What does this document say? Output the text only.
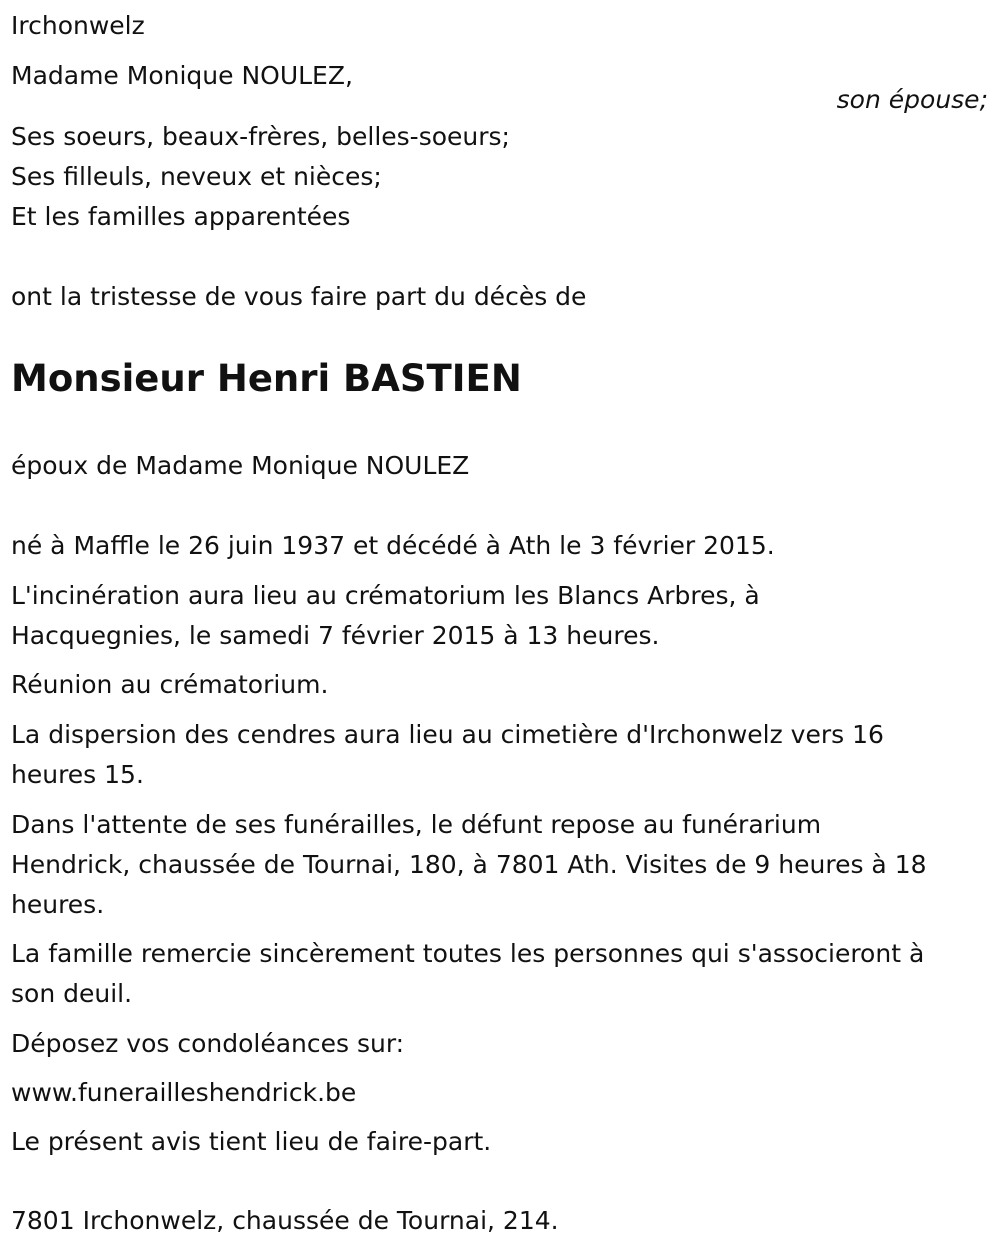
Irchonwelz
Madame Monique NOULEZ,
son épouse;
Ses soeurs, beaux-frères, belles-soeurs;
Ses filleuls, neveux et nièces;
Et les familles apparentées
ont la tristesse de vous faire part du décès de
Monsieur Henri BASTIEN
époux de Madame Monique NOULEZ
né à Maffle le 26 juin 1937 et décédé à Ath le 3 février 2015.
L'incinération aura lieu au crématorium les Blancs Arbres, à
Hacquegnies, le samedi 7 février 2015 à 13 heures.
Réunion au crématorium.
La dispersion des cendres aura lieu au cimetière d'Irchonwelz vers 16
heures 15.
Dans l'attente de ses funérailles, le défunt repose au funérarium
Hendrick, chaussée de Tournai, 180, à 7801 Ath. Visites de 9 heures à 18
heures.
La famille remercie sincèrement toutes les personnes qui s'associeront à
son deuil.
Déposez vos condoléances sur:
www.funerailleshendrick.be
Le présent avis tient lieu de faire-part.
7801 Irchonwelz, chaussée de Tournai, 214.
